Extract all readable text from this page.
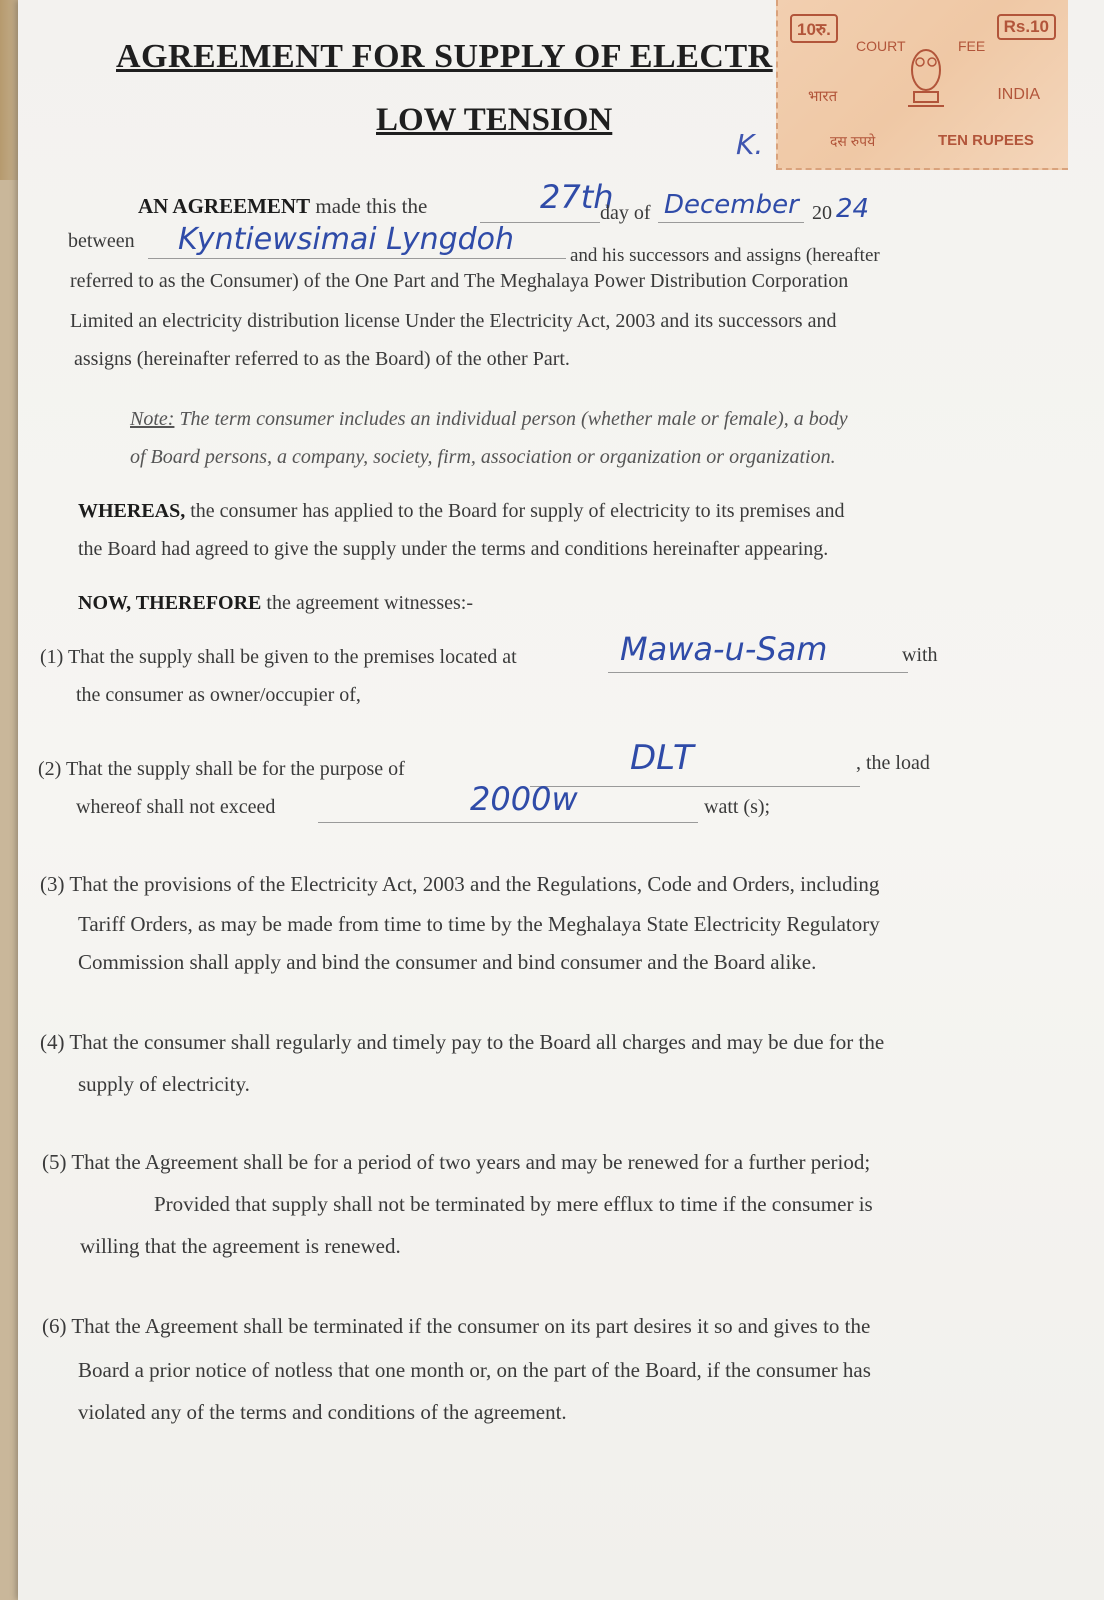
AGREEMENT FOR SUPPLY OF ELECTR
LOW TENSION
10रु.	Rs.10
COURT	FEE
भारत	INDIA
दस रुपये	TEN RUPEES
K.
AN AGREEMENT made this the	27th
day of December 20 24
between Kyntiewsimai Lyngdoh	and his successors and assigns (hereafter
referred to as the Consumer) of the One Part and The Meghalaya Power Distribution Corporation
Limited an electricity distribution license Under the Electricity Act, 2003 and its successors and
assigns (hereinafter referred to as the Board) of the other Part.
Note: The term consumer includes an individual person (whether male or female), a body
of Board persons, a company, society, firm, association or organization or organization.
WHEREAS, the consumer has applied to the Board for supply of electricity to its premises and
the Board had agreed to give the supply under the terms and conditions hereinafter appearing.
NOW, THEREFORE the agreement witnesses:-
(1) That the supply shall be given to the premises located at	Mawa-u-Sam	with
the consumer as owner/occupier of,
(2) That the supply shall be for the purpose of	DLT	, the load
whereof shall not exceed	2000w	watt (s);
(3) That the provisions of the Electricity Act, 2003 and the Regulations, Code and Orders, including
Tariff Orders, as may be made from time to time by the Meghalaya State Electricity Regulatory
Commission shall apply and bind the consumer and bind consumer and the Board alike.
(4) That the consumer shall regularly and timely pay to the Board all charges and may be due for the
supply of electricity.
(5) That the Agreement shall be for a period of two years and may be renewed for a further period;
Provided that supply shall not be terminated by mere efflux to time if the consumer is
willing that the agreement is renewed.
(6) That the Agreement shall be terminated if the consumer on its part desires it so and gives to the
Board a prior notice of notless that one month or, on the part of the Board, if the consumer has
violated any of the terms and conditions of the agreement.
